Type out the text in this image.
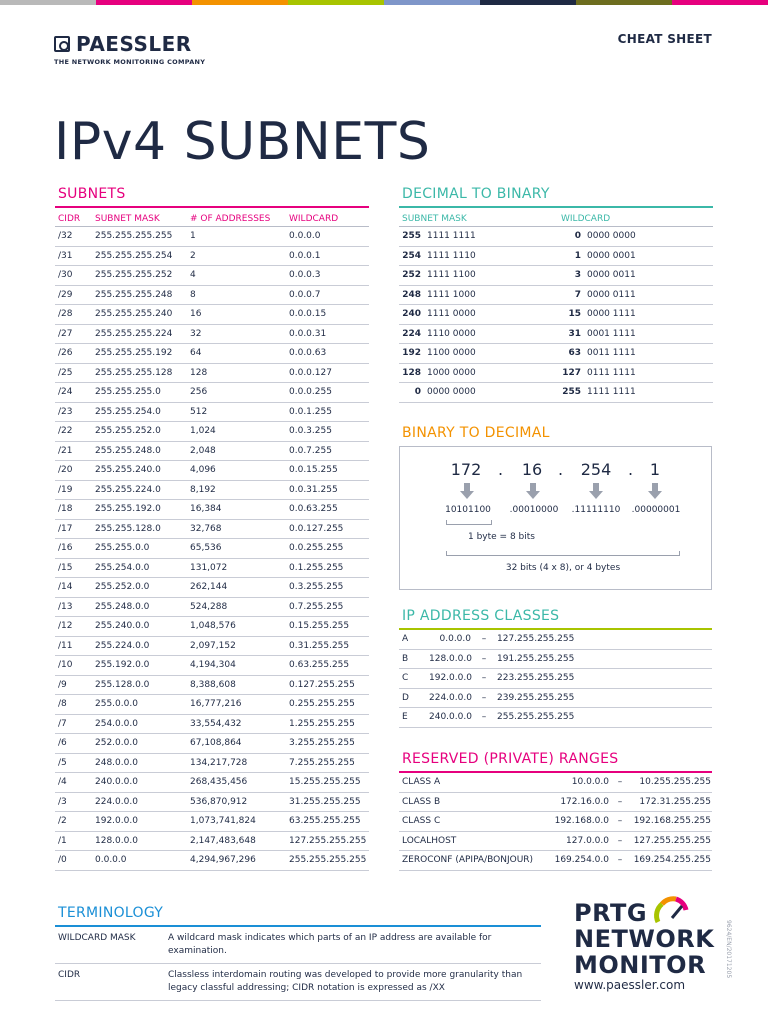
PAESSLER
THE NETWORK MONITORING COMPANY
CHEAT SHEET
IPv4 SUBNETS
SUBNETS
CIDR	SUBNET MASK	# OF ADDRESSES	WILDCARD
/32	255.255.255.255	1	0.0.0.0
/31	255.255.255.254	2	0.0.0.1
/30	255.255.255.252	4	0.0.0.3
/29	255.255.255.248	8	0.0.0.7
/28	255.255.255.240	16	0.0.0.15
/27	255.255.255.224	32	0.0.0.31
/26	255.255.255.192	64	0.0.0.63
/25	255.255.255.128	128	0.0.0.127
/24	255.255.255.0	256	0.0.0.255
/23	255.255.254.0	512	0.0.1.255
/22	255.255.252.0	1,024	0.0.3.255
/21	255.255.248.0	2,048	0.0.7.255
/20	255.255.240.0	4,096	0.0.15.255
/19	255.255.224.0	8,192	0.0.31.255
/18	255.255.192.0	16,384	0.0.63.255
/17	255.255.128.0	32,768	0.0.127.255
/16	255.255.0.0	65,536	0.0.255.255
/15	255.254.0.0	131,072	0.1.255.255
/14	255.252.0.0	262,144	0.3.255.255
/13	255.248.0.0	524,288	0.7.255.255
/12	255.240.0.0	1,048,576	0.15.255.255
/11	255.224.0.0	2,097,152	0.31.255.255
/10	255.192.0.0	4,194,304	0.63.255.255
/9	255.128.0.0	8,388,608	0.127.255.255
/8	255.0.0.0	16,777,216	0.255.255.255
/7	254.0.0.0	33,554,432	1.255.255.255
/6	252.0.0.0	67,108,864	3.255.255.255
/5	248.0.0.0	134,217,728	7.255.255.255
/4	240.0.0.0	268,435,456	15.255.255.255
/3	224.0.0.0	536,870,912	31.255.255.255
/2	192.0.0.0	1,073,741,824	63.255.255.255
/1	128.0.0.0	2,147,483,648	127.255.255.255
/0	0.0.0.0	4,294,967,296	255.255.255.255
DECIMAL TO BINARY
SUBNET MASK	WILDCARD
255 1111 1111	0 0000 0000
254 1111 1110	1 0000 0001
252 1111 1100	3 0000 0011
248 1111 1000	7 0000 0111
240 1111 0000	15 0000 1111
224 1110 0000	31 0001 1111
192 1100 0000	63 0011 1111
128 1000 0000	127 0111 1111
0 0000 0000	255 1111 1111
BINARY TO DECIMAL
172	.	16 .	254	.	1
10101100	.00010000	.11111110	.00000001
1 byte = 8 bits
32 bits (4 x 8), or 4 bytes
IP ADDRESS CLASSES
A	0.0.0.0	–	127.255.255.255
B	128.0.0.0	–	191.255.255.255
C	192.0.0.0	–	223.255.255.255
D	224.0.0.0	–	239.255.255.255
E	240.0.0.0	–	255.255.255.255
RESERVED (PRIVATE) RANGES
CLASS A	10.0.0.0 –	10.255.255.255
CLASS B	172.16.0.0 –	172.31.255.255
CLASS C	192.168.0.0 –	192.168.255.255
LOCALHOST	127.0.0.0 –	127.255.255.255
ZEROCONF (APIPA/BONJOUR)	169.254.0.0 –	169.254.255.255
TERMINOLOGY
WILDCARD MASK	A wildcard mask indicates which parts of an IP address are available for examination.
CIDR	Classless interdomain routing was developed to provide more granularity than legacy classful addressing; CIDR notation is expressed as /XX
PRTG
NETWORK
MONITOR
www.paessler.com
9624/EN/20171205
